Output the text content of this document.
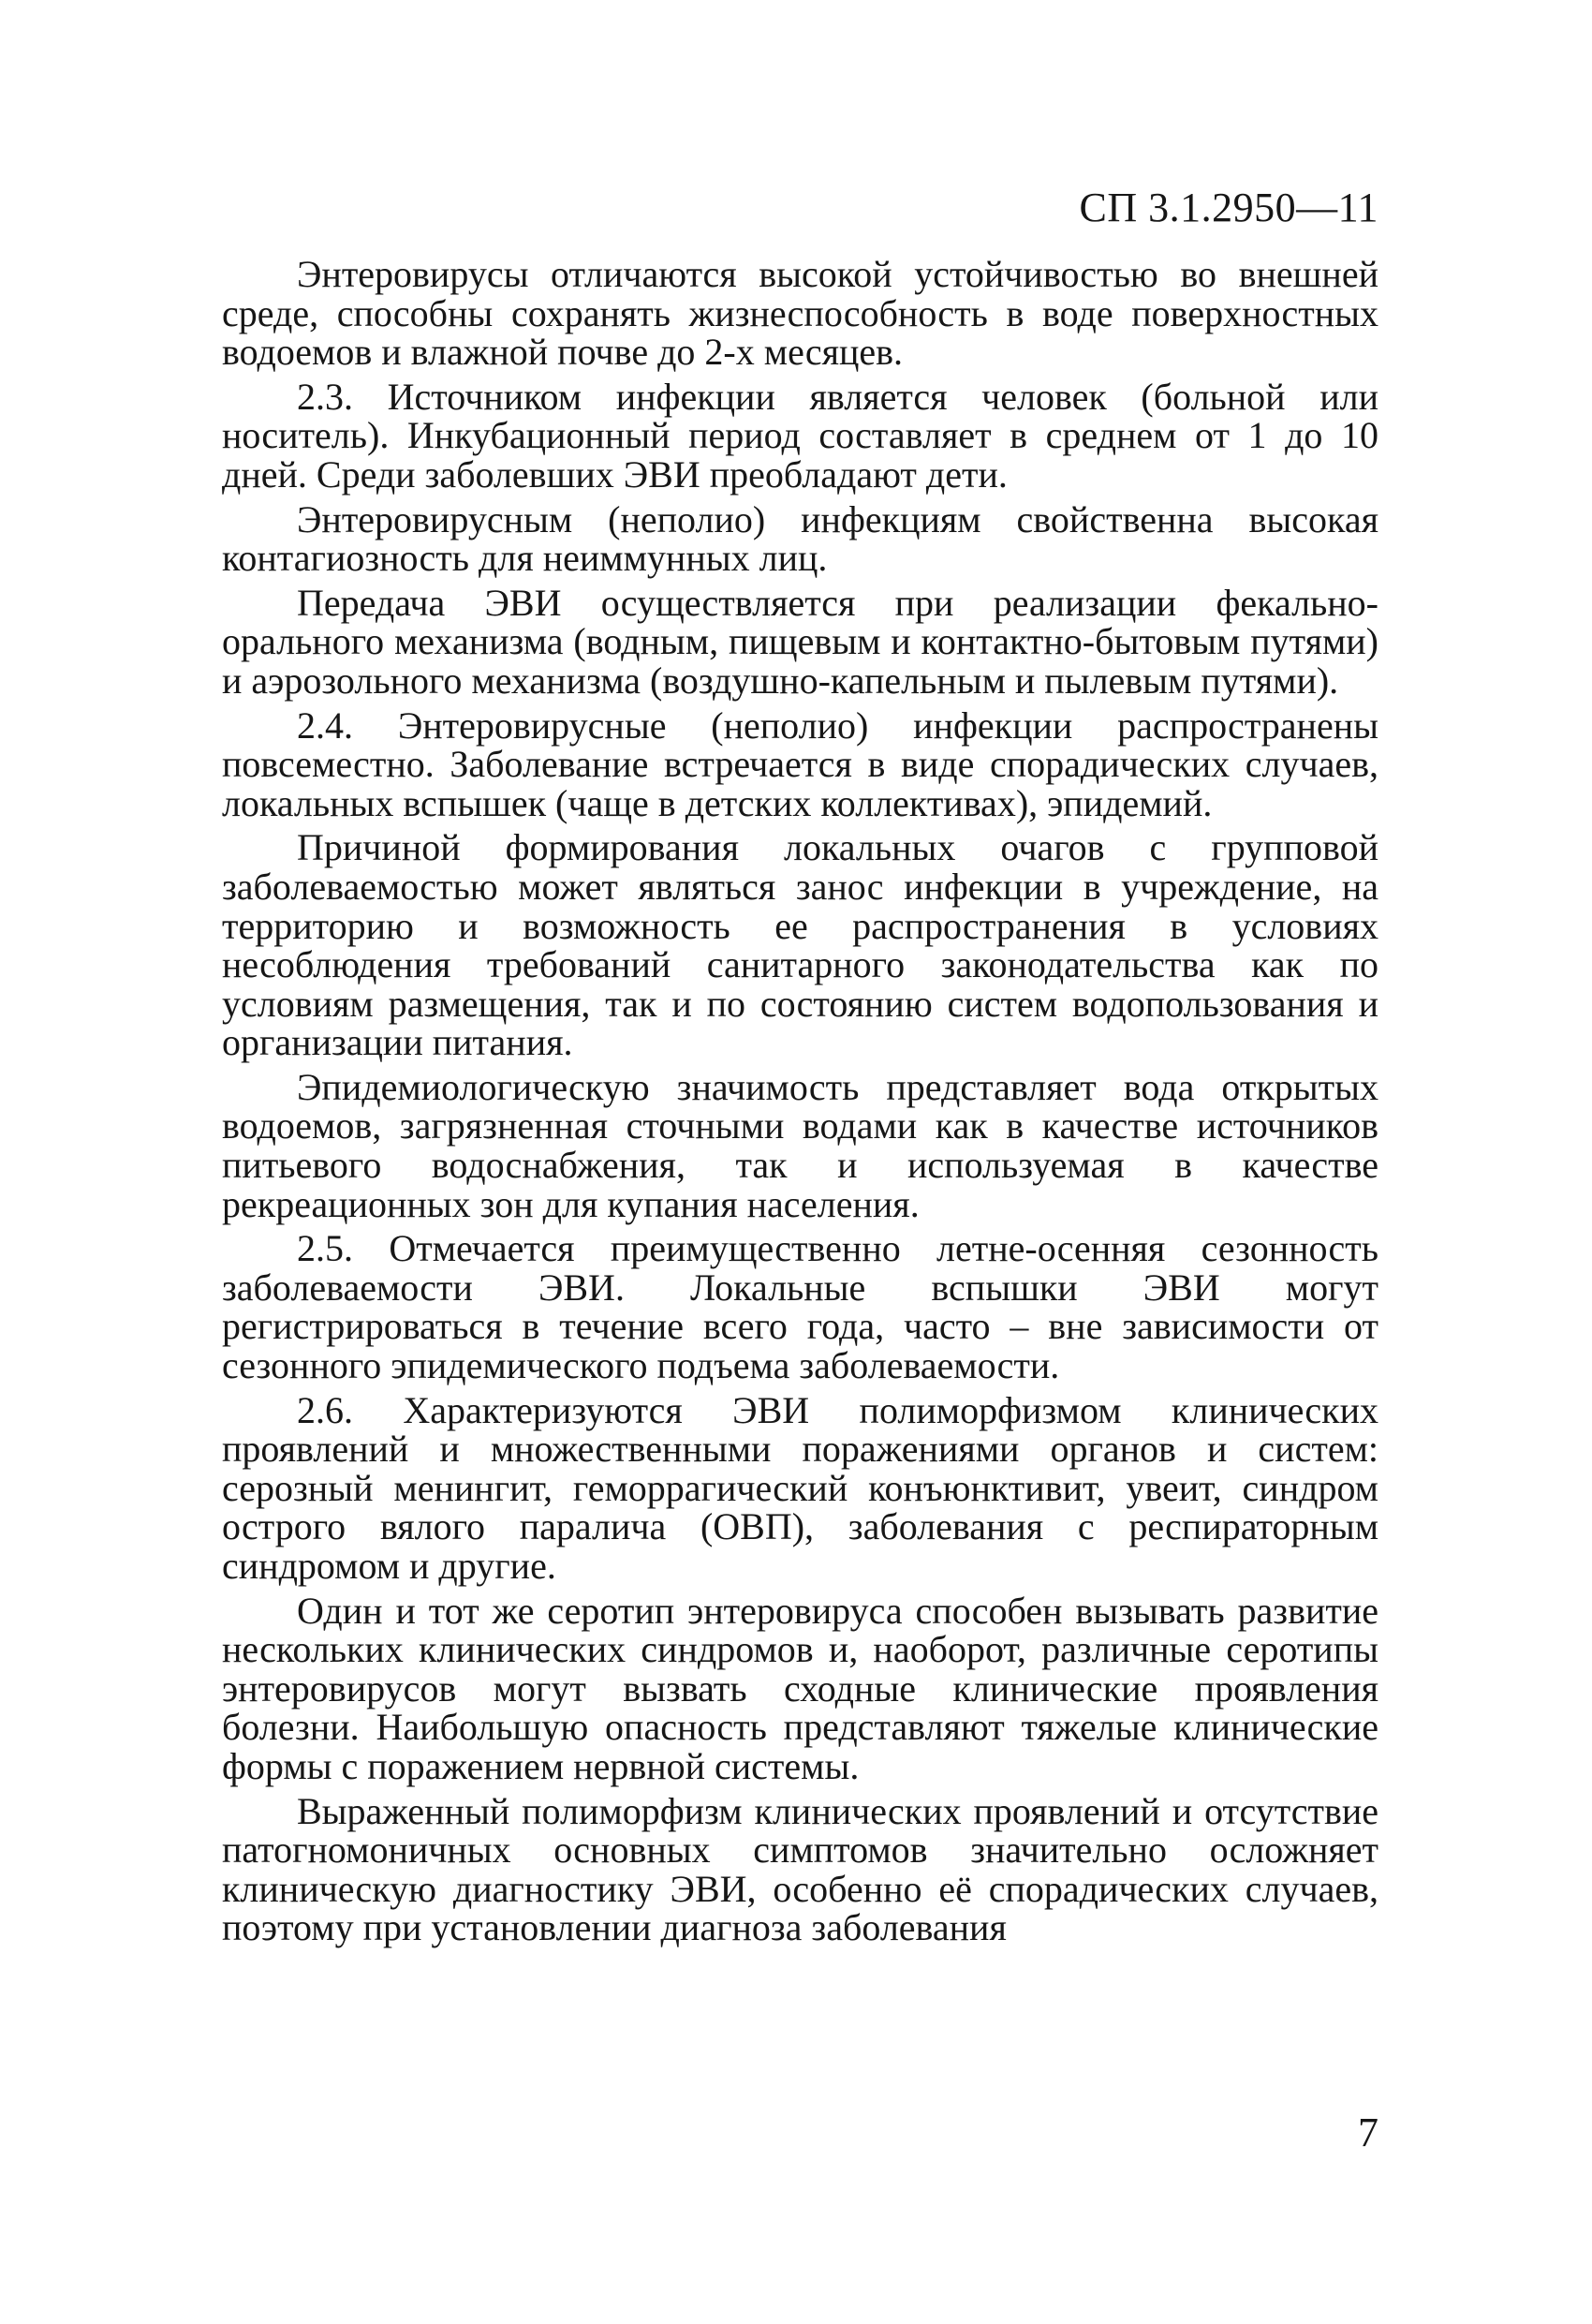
СП 3.1.2950—11

Энтеровирусы отличаются высокой устойчивостью во внешней среде, способны сохранять жизнеспособность в воде поверхностных водоемов и влажной почве до 2-х месяцев.

2.3. Источником инфекции является человек (больной или носитель). Инкубационный период составляет в среднем от 1 до 10 дней. Среди заболевших ЭВИ преобладают дети.

Энтеровирусным (неполио) инфекциям свойственна высокая контагиозность для неиммунных лиц.

Передача ЭВИ осуществляется при реализации фекально-орального механизма (водным, пищевым и контактно-бытовым путями) и аэрозольного механизма (воздушно-капельным и пылевым путями).

2.4. Энтеровирусные (неполио) инфекции распространены повсеместно. Заболевание встречается в виде спорадических случаев, локальных вспышек (чаще в детских коллективах), эпидемий.

Причиной формирования локальных очагов с групповой заболеваемостью может являться занос инфекции в учреждение, на территорию и возможность ее распространения в условиях несоблюдения требований санитарного законодательства как по условиям размещения, так и по состоянию систем водопользования и организации питания.

Эпидемиологическую значимость представляет вода открытых водоемов, загрязненная сточными водами как в качестве источников питьевого водоснабжения, так и используемая в качестве рекреационных зон для купания населения.

2.5. Отмечается преимущественно летне-осенняя сезонность заболеваемости ЭВИ. Локальные вспышки ЭВИ могут регистрироваться в течение всего года, часто – вне зависимости от сезонного эпидемического подъема заболеваемости.

2.6. Характеризуются ЭВИ полиморфизмом клинических проявлений и множественными поражениями органов и систем: серозный менингит, геморрагический конъюнктивит, увеит, синдром острого вялого паралича (ОВП), заболевания с респираторным синдромом и другие.

Один и тот же серотип энтеровируса способен вызывать развитие нескольких клинических синдромов и, наоборот, различные серотипы энтеровирусов могут вызвать сходные клинические проявления болезни. Наибольшую опасность представляют тяжелые клинические формы с поражением нервной системы.

Выраженный полиморфизм клинических проявлений и отсутствие патогномоничных основных симптомов значительно осложняет клиническую диагностику ЭВИ, особенно её спорадических случаев, поэтому при установлении диагноза заболевания

7
